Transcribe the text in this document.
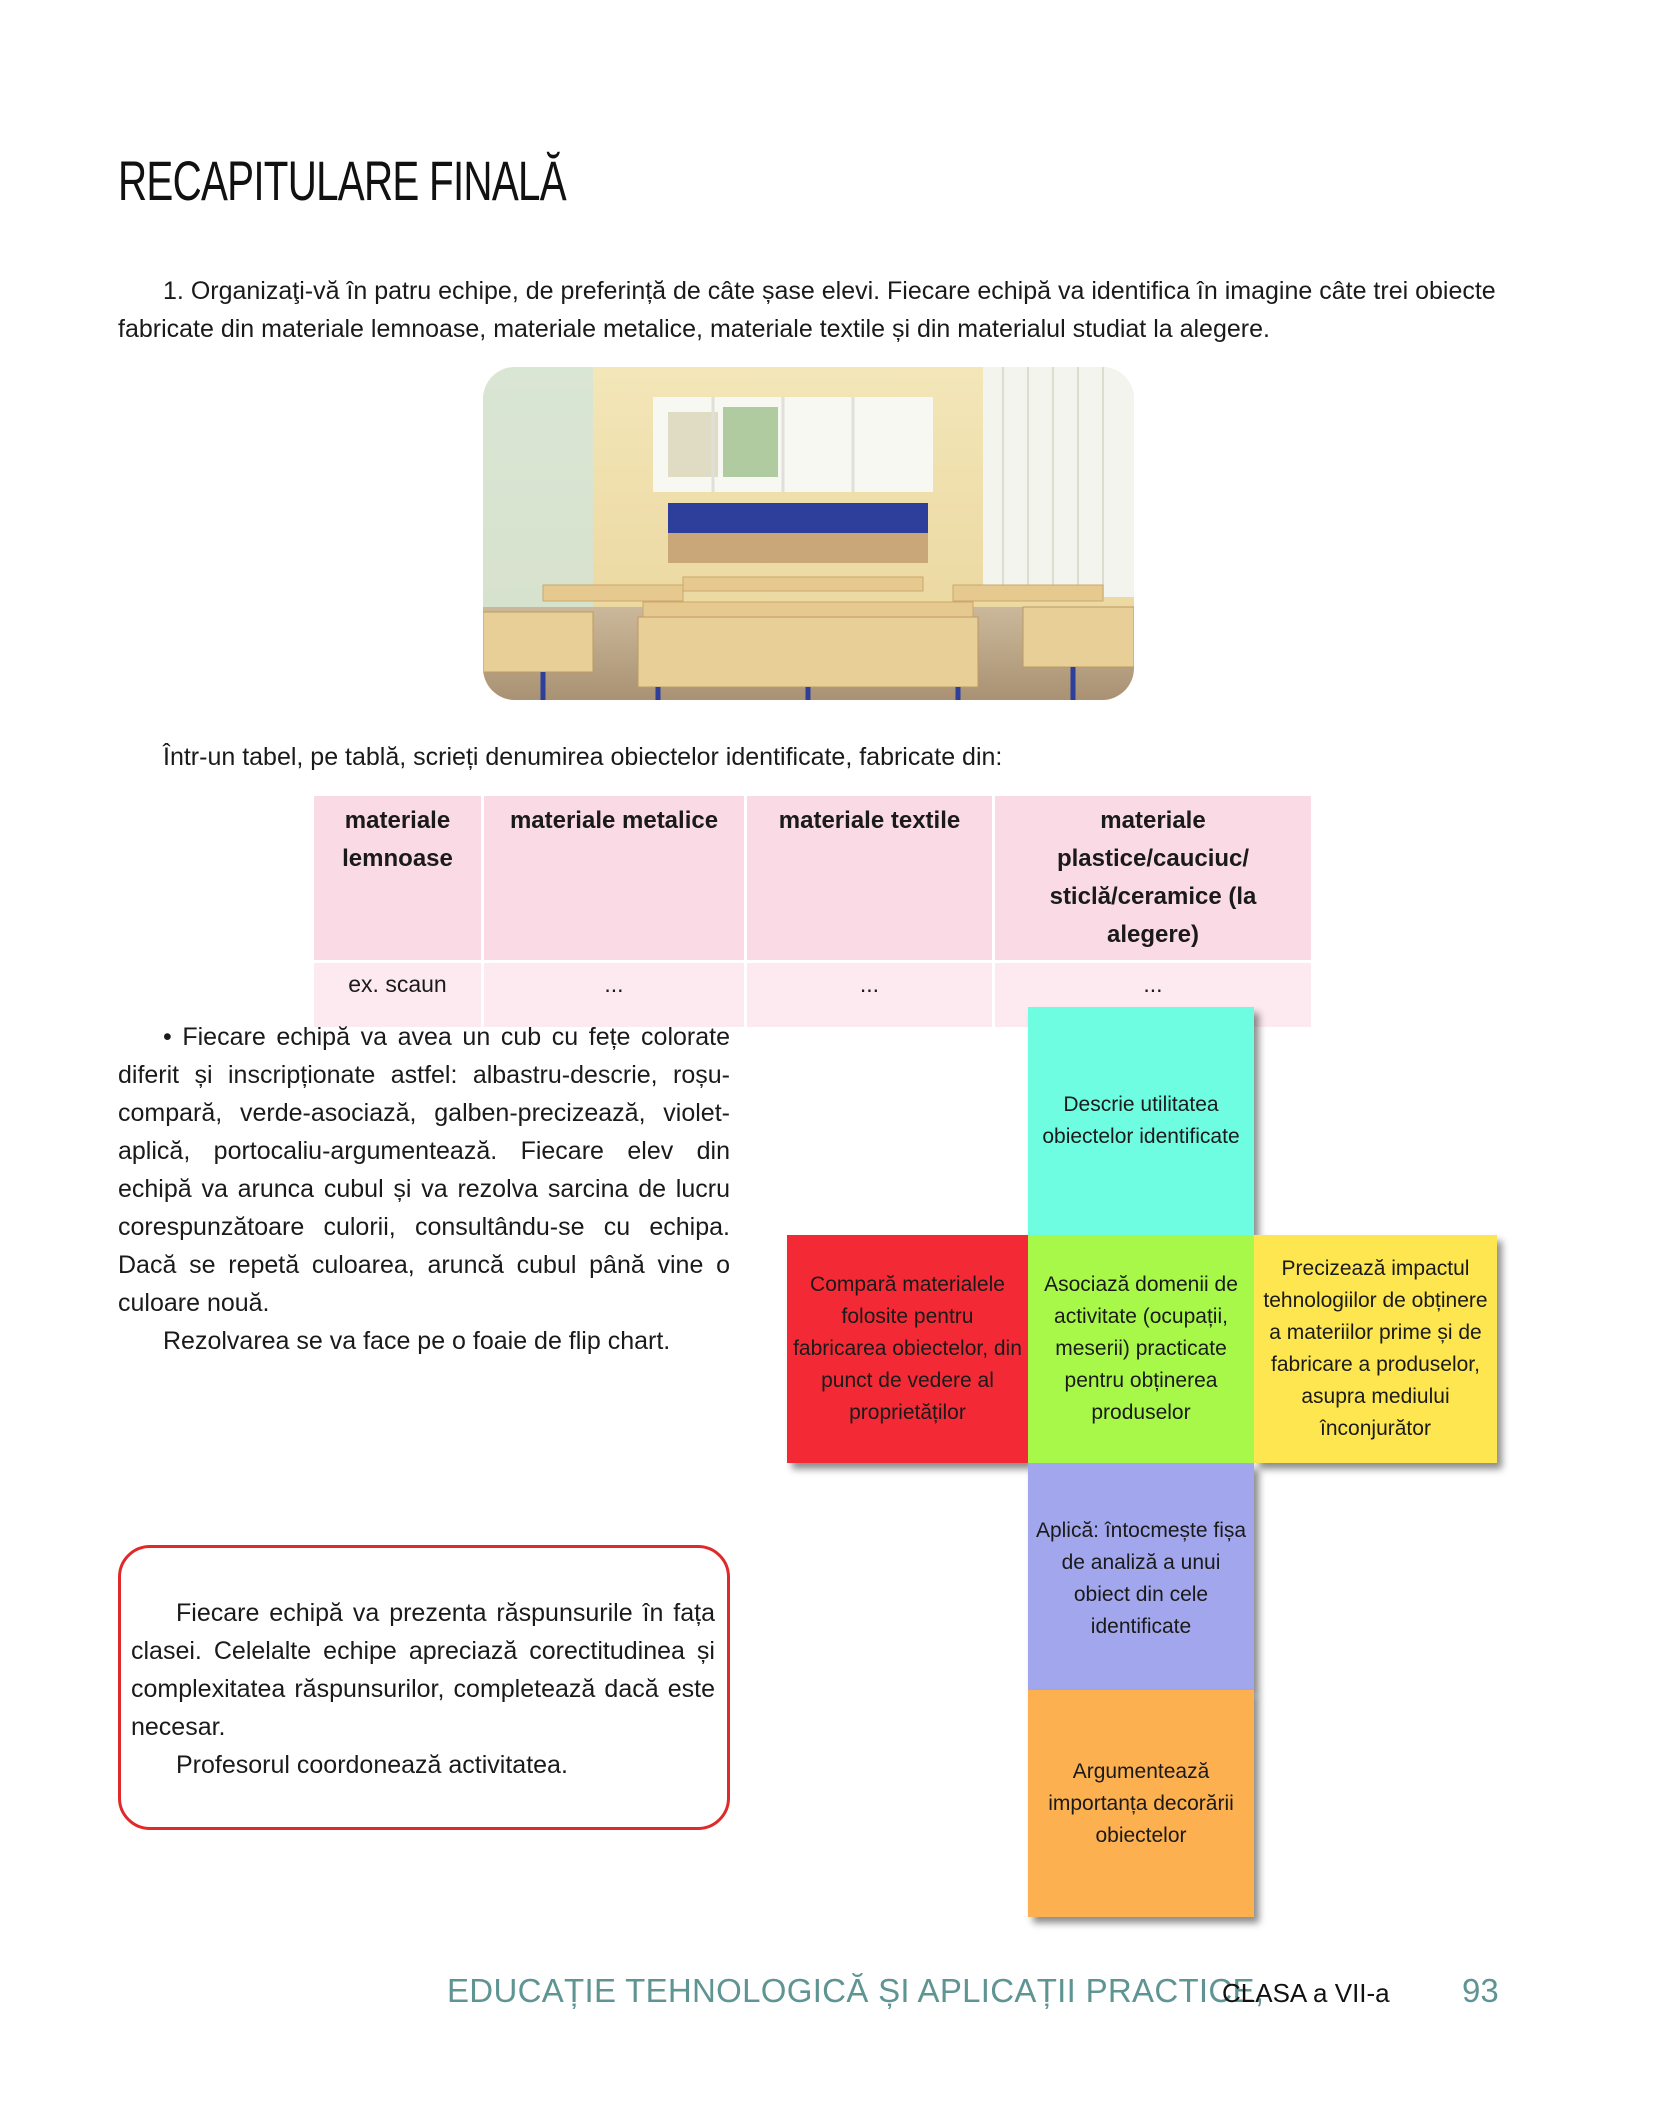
RECAPITULARE FINALĂ
1. Organizaţi-vă în patru echipe, de preferință de câte șase elevi. Fiecare echipă va identifica în imagine câte trei obiecte fabricate din materiale lemnoase, materiale metalice, materiale textile și din materialul studiat la alegere.
Într-un tabel, pe tablă, scrieți denumirea obiectelor identificate, fabricate din:
materiale lemnoase	materiale metalice	materiale textile	materiale plastice/cauciuc/ sticlă/ceramice (la alegere)
ex. scaun	...	...	...

• Fiecare echipă va avea un cub cu fețe colorate diferit și inscripționate astfel: albastru-descrie, roșu-compară, verde-asociază, galben-precizează, violet-aplică, portocaliu-argumentează. Fiecare elev din echipă va arunca cubul și va rezolva sarcina de lucru corespunzătoare culorii, consultându-se cu echipa. Dacă se repetă culoarea, aruncă cubul până vine o culoare nouă.

Rezolvarea se va face pe o foaie de flip chart.

Descrie utilitatea obiectelor identificate
Compară materialele folosite pentru fabricarea obiectelor, din punct de vedere al proprietăților
Precizează impactul tehnologiilor de obținere a materiilor prime și de fabricare a produselor, asupra mediului înconjurător
Aplică: întocmește fișa de analiză a unui obiect din cele identificate
Argumentează importanța decorării obiectelor
Asociază domenii de activitate (ocupații, meserii) practicate pentru obținerea produselor

Fiecare echipă va prezenta răspunsurile în fața clasei. Celelalte echipe apreciază corectitudinea și complexitatea răspunsurilor, completează dacă este necesar.

Profesorul coordonează activitatea.

EDUCAȚIE TEHNOLOGICĂ ȘI APLICAȚII PRACTICE,
CLASA a VII-a 93
